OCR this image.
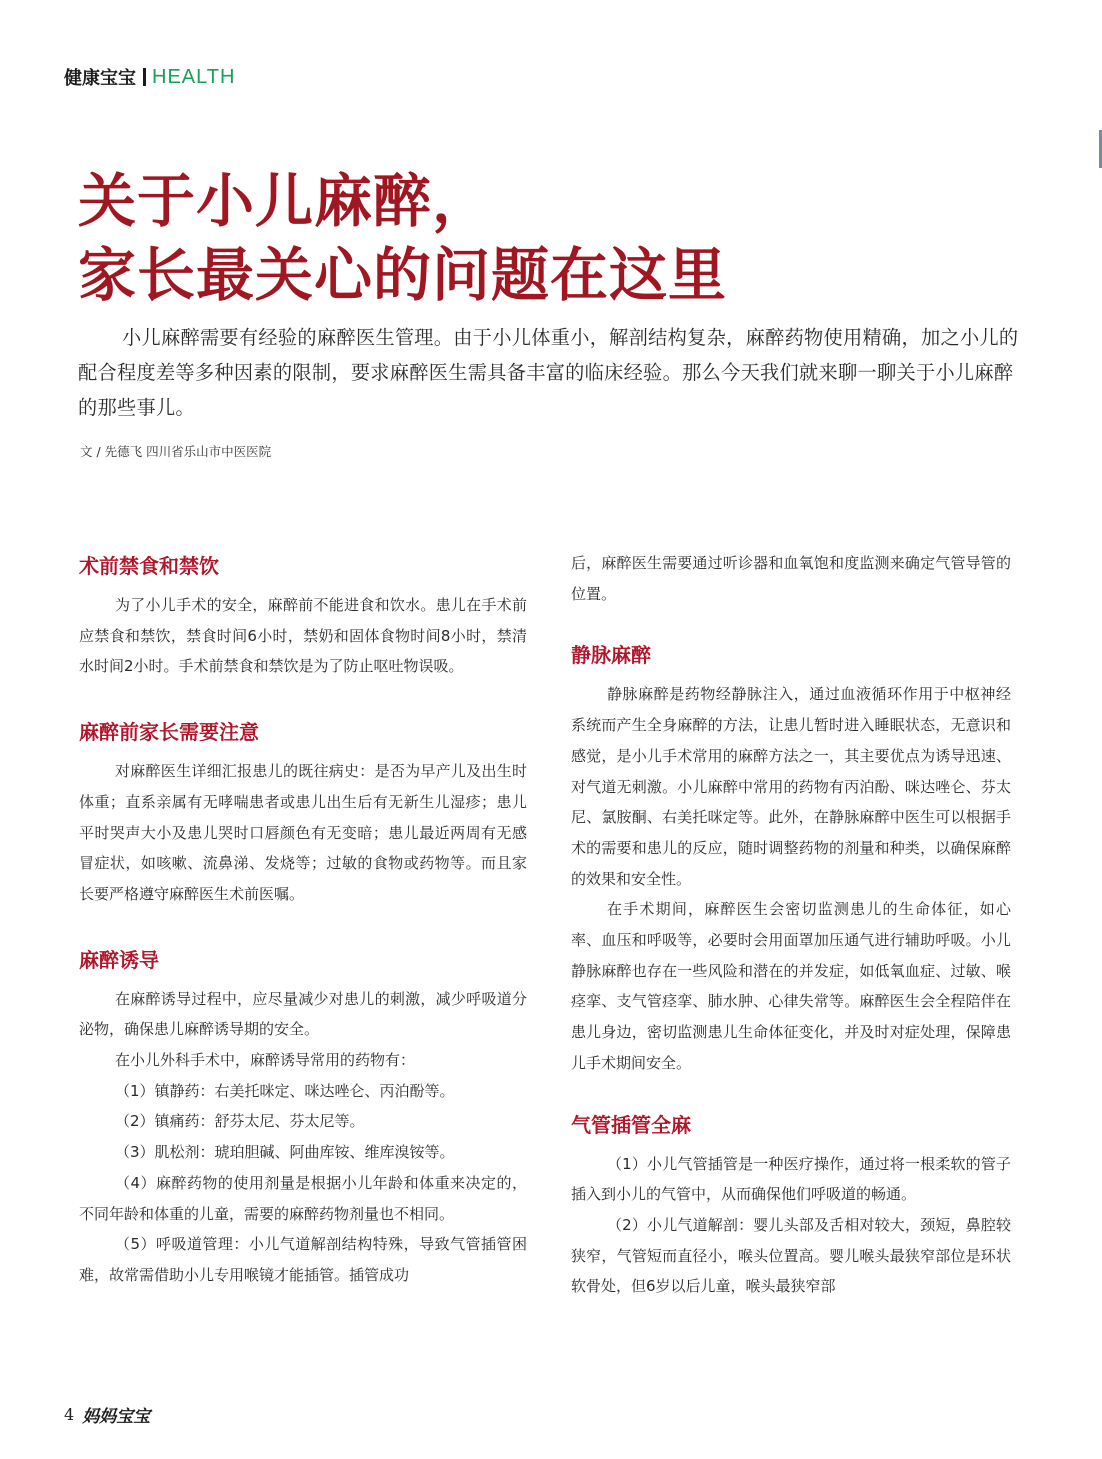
健康宝宝 HEALTH
关于小儿麻醉，
家长最关心的问题在这里

小儿麻醉需要有经验的麻醉医生管理。由于小儿体重小，解剖结构复杂，麻醉药物使用精确，加之小儿的配合程度差等多种因素的限制，要求麻醉医生需具备丰富的临床经验。那么今天我们就来聊一聊关于小儿麻醉的那些事儿。

文 / 先德飞 四川省乐山市中医医院
术前禁食和禁饮

为了小儿手术的安全，麻醉前不能进食和饮水。患儿在手术前应禁食和禁饮，禁食时间6小时，禁奶和固体食物时间8小时，禁清水时间2小时。手术前禁食和禁饮是为了防止呕吐物误吸。

麻醉前家长需要注意

对麻醉医生详细汇报患儿的既往病史：是否为早产儿及出生时体重；直系亲属有无哮喘患者或患儿出生后有无新生儿湿疹；患儿平时哭声大小及患儿哭时口唇颜色有无变暗；患儿最近两周有无感冒症状，如咳嗽、流鼻涕、发烧等；过敏的食物或药物等。而且家长要严格遵守麻醉医生术前医嘱。

麻醉诱导

在麻醉诱导过程中，应尽量减少对患儿的刺激，减少呼吸道分泌物，确保患儿麻醉诱导期的安全。

在小儿外科手术中，麻醉诱导常用的药物有：

（1）镇静药：右美托咪定、咪达唑仑、丙泊酚等。

（2）镇痛药：舒芬太尼、芬太尼等。

（3）肌松剂：琥珀胆碱、阿曲库铵、维库溴铵等。

（4）麻醉药物的使用剂量是根据小儿年龄和体重来决定的，不同年龄和体重的儿童，需要的麻醉药物剂量也不相同。

（5）呼吸道管理：小儿气道解剖结构特殊，导致气管插管困难，故常需借助小儿专用喉镜才能插管。插管成功

后，麻醉医生需要通过听诊器和血氧饱和度监测来确定气管导管的位置。

静脉麻醉

静脉麻醉是药物经静脉注入，通过血液循环作用于中枢神经系统而产生全身麻醉的方法，让患儿暂时进入睡眠状态，无意识和感觉，是小儿手术常用的麻醉方法之一，其主要优点为诱导迅速、对气道无刺激。小儿麻醉中常用的药物有丙泊酚、咪达唑仑、芬太尼、氯胺酮、右美托咪定等。此外，在静脉麻醉中医生可以根据手术的需要和患儿的反应，随时调整药物的剂量和种类，以确保麻醉的效果和安全性。

在手术期间，麻醉医生会密切监测患儿的生命体征，如心率、血压和呼吸等，必要时会用面罩加压通气进行辅助呼吸。小儿静脉麻醉也存在一些风险和潜在的并发症，如低氧血症、过敏、喉痉挛、支气管痉挛、肺水肿、心律失常等。麻醉医生会全程陪伴在患儿身边，密切监测患儿生命体征变化，并及时对症处理，保障患儿手术期间安全。

气管插管全麻

（1）小儿气管插管是一种医疗操作，通过将一根柔软的管子插入到小儿的气管中，从而确保他们呼吸道的畅通。

（2）小儿气道解剖：婴儿头部及舌相对较大，颈短，鼻腔较狭窄，气管短而直径小，喉头位置高。婴儿喉头最狭窄部位是环状软骨处，但6岁以后儿童，喉头最狭窄部

4 妈妈宝宝
